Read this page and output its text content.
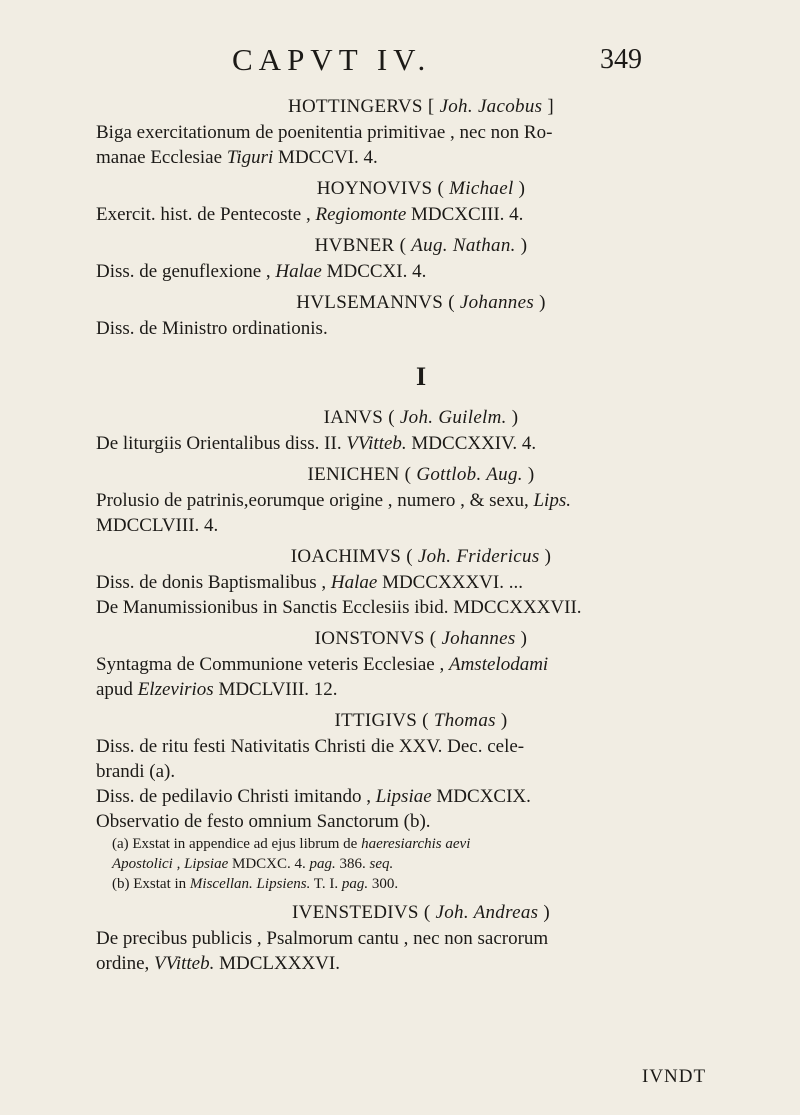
CAPVT IV.	349

HOTTINGERVS [ Joh. Jacobus ]

Biga exercitationum de poenitentia primitivae , nec non Ro-

manae Ecclesiae Tiguri MDCCVI. 4.

HOYNOVIVS ( Michael )

Exercit. hist. de Pentecoste , Regiomonte MDCXCIII. 4.

HVBNER ( Aug. Nathan. )

Diss. de genuflexione , Halae MDCCXI. 4.

HVLSEMANNVS ( Johannes )

Diss. de Ministro ordinationis.

I

IANVS ( Joh. Guilelm. )

De liturgiis Orientalibus diss. II. VVitteb. MDCCXXIV. 4.

IENICHEN ( Gottlob. Aug. )

Prolusio de patrinis,eorumque origine , numero , & sexu, Lips.

MDCCLVIII. 4.

IOACHIMVS ( Joh. Fridericus )

Diss. de donis Baptismalibus , Halae MDCCXXXVI. ...

De Manumissionibus in Sanctis Ecclesiis ibid. MDCCXXXVII.

IONSTONVS ( Johannes )

Syntagma de Communione veteris Ecclesiae , Amstelodami

apud Elzevirios MDCLVIII. 12.

ITTIGIVS ( Thomas )

Diss. de ritu festi Nativitatis Christi die XXV. Dec. cele-

brandi (a).

Diss. de pedilavio Christi imitando , Lipsiae MDCXCIX.

Observatio de festo omnium Sanctorum (b).

(a) Exstat in appendice ad ejus librum de haeresiarchis aevi

Apostolici , Lipsiae MDCXC. 4. pag. 386. seq.

(b) Exstat in Miscellan. Lipsiens. T. I. pag. 300.

IVENSTEDIVS ( Joh. Andreas )

De precibus publicis , Psalmorum cantu , nec non sacrorum

ordine, VVitteb. MDCLXXXVI.

IVNDT
